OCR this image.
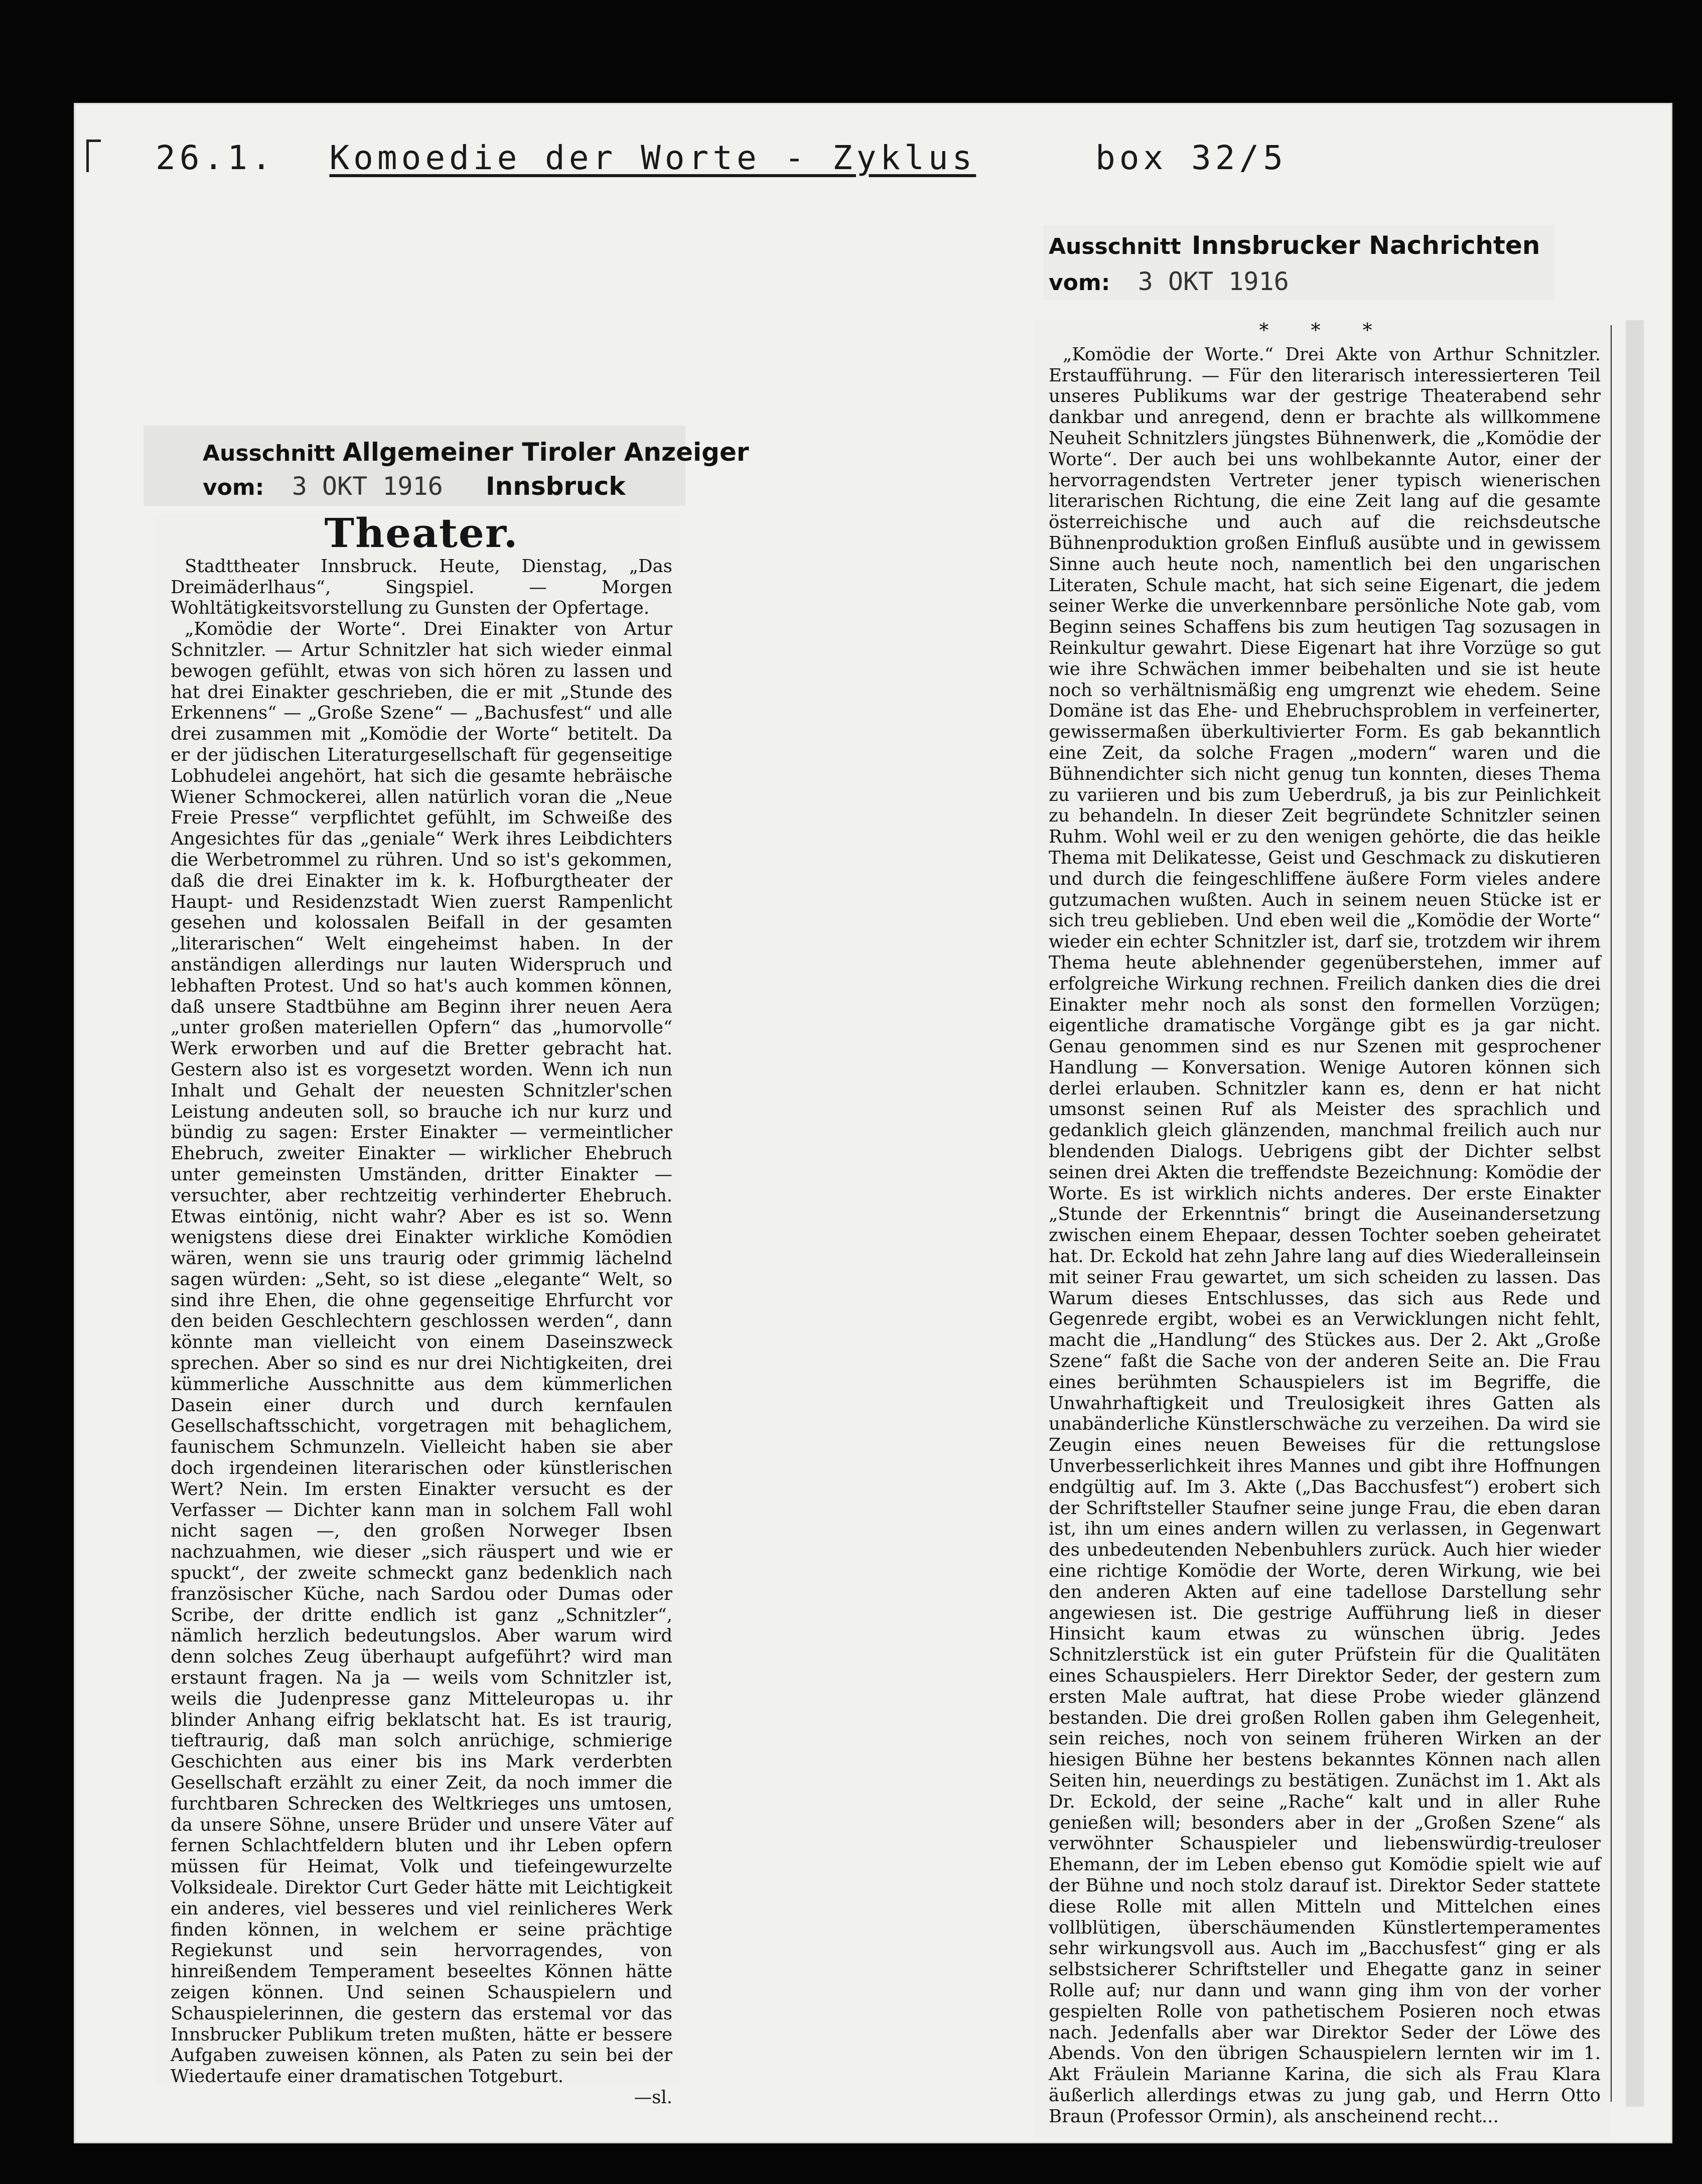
26.1. Komoedie der Worte - Zyklus	box 32/5
Ausschnitt Allgemeiner Tiroler Anzeiger
vom: 3 OKT 1916 Innsbruck
Theater.

Stadttheater Innsbruck. Heute, Dienstag, „Das Dreimäderlhaus“, Singspiel. — Morgen Wohltätigkeitsvorstellung zu Gunsten der Opfertage.

„Komödie der Worte“. Drei Einakter von Artur Schnitzler. — Artur Schnitzler hat sich wieder einmal bewogen gefühlt, etwas von sich hören zu lassen und hat drei Einakter geschrieben, die er mit „Stunde des Erkennens“ — „Große Szene“ — „Bachusfest“ und alle drei zusammen mit „Komödie der Worte“ betitelt. Da er der jüdischen Literaturgesellschaft für gegenseitige Lobhudelei angehört, hat sich die gesamte hebräische Wiener Schmockerei, allen natürlich voran die „Neue Freie Presse“ verpflichtet gefühlt, im Schweiße des Angesichtes für das „geniale“ Werk ihres Leibdichters die Werbetrommel zu rühren. Und so ist's gekommen, daß die drei Einakter im k. k. Hofburgtheater der Haupt- und Residenzstadt Wien zuerst Rampenlicht gesehen und kolossalen Beifall in der gesamten „literarischen“ Welt eingeheimst haben. In der anständigen allerdings nur lauten Widerspruch und lebhaften Protest. Und so hat's auch kommen können, daß unsere Stadtbühne am Beginn ihrer neuen Aera „unter großen materiellen Opfern“ das „humorvolle“ Werk erworben und auf die Bretter gebracht hat. Gestern also ist es vorgesetzt worden. Wenn ich nun Inhalt und Gehalt der neuesten Schnitzler'schen Leistung andeuten soll, so brauche ich nur kurz und bündig zu sagen: Erster Einakter — vermeintlicher Ehebruch, zweiter Einakter — wirklicher Ehebruch unter gemeinsten Umständen, dritter Einakter — versuchter, aber rechtzeitig verhinderter Ehebruch. Etwas eintönig, nicht wahr? Aber es ist so. Wenn wenigstens diese drei Einakter wirkliche Komödien wären, wenn sie uns traurig oder grimmig lächelnd sagen würden: „Seht, so ist diese „elegante“ Welt, so sind ihre Ehen, die ohne gegenseitige Ehrfurcht vor den beiden Geschlechtern geschlossen werden“, dann könnte man vielleicht von einem Daseinszweck sprechen. Aber so sind es nur drei Nichtigkeiten, drei kümmerliche Ausschnitte aus dem kümmerlichen Dasein einer durch und durch kernfaulen Gesellschaftsschicht, vorgetragen mit behaglichem, faunischem Schmunzeln. Vielleicht haben sie aber doch irgendeinen literarischen oder künstlerischen Wert? Nein. Im ersten Einakter versucht es der Verfasser — Dichter kann man in solchem Fall wohl nicht sagen —, den großen Norweger Ibsen nachzuahmen, wie dieser „sich räuspert und wie er spuckt“, der zweite schmeckt ganz bedenklich nach französischer Küche, nach Sardou oder Dumas oder Scribe, der dritte endlich ist ganz „Schnitzler“, nämlich herzlich bedeutungslos. Aber warum wird denn solches Zeug überhaupt aufgeführt? wird man erstaunt fragen. Na ja — weils vom Schnitzler ist, weils die Judenpresse ganz Mitteleuropas u. ihr blinder Anhang eifrig beklatscht hat. Es ist traurig, tieftraurig, daß man solch anrüchige, schmierige Geschichten aus einer bis ins Mark verderbten Gesellschaft erzählt zu einer Zeit, da noch immer die furchtbaren Schrecken des Weltkrieges uns umtosen, da unsere Söhne, unsere Brüder und unsere Väter auf fernen Schlachtfeldern bluten und ihr Leben opfern müssen für Heimat, Volk und tiefeingewurzelte Volksideale. Direktor Curt Geder hätte mit Leichtigkeit ein anderes, viel besseres und viel reinlicheres Werk finden können, in welchem er seine prächtige Regiekunst und sein hervorragendes, von hinreißendem Temperament beseeltes Können hätte zeigen können. Und seinen Schauspielern und Schauspielerinnen, die gestern das erstemal vor das Innsbrucker Publikum treten mußten, hätte er bessere Aufgaben zuweisen können, als Paten zu sein bei der Wiedertaufe einer dramatischen Totgeburt.

—sl.
Ausschnitt Innsbrucker Nachrichten
vom: 3 OKT 1916
* * *

„Komödie der Worte.“ Drei Akte von Arthur Schnitzler. Erstaufführung. — Für den literarisch interessierteren Teil unseres Publikums war der gestrige Theaterabend sehr dankbar und anregend, denn er brachte als willkommene Neuheit Schnitzlers jüngstes Bühnenwerk, die „Komödie der Worte“. Der auch bei uns wohlbekannte Autor, einer der hervorragendsten Vertreter jener typisch wienerischen literarischen Richtung, die eine Zeit lang auf die gesamte österreichische und auch auf die reichsdeutsche Bühnenproduktion großen Einfluß ausübte und in gewissem Sinne auch heute noch, namentlich bei den ungarischen Literaten, Schule macht, hat sich seine Eigenart, die jedem seiner Werke die unverkennbare persönliche Note gab, vom Beginn seines Schaffens bis zum heutigen Tag sozusagen in Reinkultur gewahrt. Diese Eigenart hat ihre Vorzüge so gut wie ihre Schwächen immer beibehalten und sie ist heute noch so verhältnismäßig eng umgrenzt wie ehedem. Seine Domäne ist das Ehe- und Ehebruchsproblem in verfeinerter, gewissermaßen überkultivierter Form. Es gab bekanntlich eine Zeit, da solche Fragen „modern“ waren und die Bühnendichter sich nicht genug tun konnten, dieses Thema zu variieren und bis zum Ueberdruß, ja bis zur Peinlichkeit zu behandeln. In dieser Zeit begründete Schnitzler seinen Ruhm. Wohl weil er zu den wenigen gehörte, die das heikle Thema mit Delikatesse, Geist und Geschmack zu diskutieren und durch die feingeschliffene äußere Form vieles andere gutzumachen wußten. Auch in seinem neuen Stücke ist er sich treu geblieben. Und eben weil die „Komödie der Worte“ wieder ein echter Schnitzler ist, darf sie, trotzdem wir ihrem Thema heute ablehnender gegenüberstehen, immer auf erfolgreiche Wirkung rechnen. Freilich danken dies die drei Einakter mehr noch als sonst den formellen Vorzügen; eigentliche dramatische Vorgänge gibt es ja gar nicht. Genau genommen sind es nur Szenen mit gesprochener Handlung — Konversation. Wenige Autoren können sich derlei erlauben. Schnitzler kann es, denn er hat nicht umsonst seinen Ruf als Meister des sprachlich und gedanklich gleich glänzenden, manchmal freilich auch nur blendenden Dialogs. Uebrigens gibt der Dichter selbst seinen drei Akten die treffendste Bezeichnung: Komödie der Worte. Es ist wirklich nichts anderes. Der erste Einakter „Stunde der Erkenntnis“ bringt die Auseinandersetzung zwischen einem Ehepaar, dessen Tochter soeben geheiratet hat. Dr. Eckold hat zehn Jahre lang auf dies Wiederalleinsein mit seiner Frau gewartet, um sich scheiden zu lassen. Das Warum dieses Entschlusses, das sich aus Rede und Gegenrede ergibt, wobei es an Verwicklungen nicht fehlt, macht die „Handlung“ des Stückes aus. Der 2. Akt „Große Szene“ faßt die Sache von der anderen Seite an. Die Frau eines berühmten Schauspielers ist im Begriffe, die Unwahrhaftigkeit und Treulosigkeit ihres Gatten als unabänderliche Künstlerschwäche zu verzeihen. Da wird sie Zeugin eines neuen Beweises für die rettungslose Unverbesserlichkeit ihres Mannes und gibt ihre Hoffnungen endgültig auf. Im 3. Akte („Das Bacchusfest“) erobert sich der Schriftsteller Staufner seine junge Frau, die eben daran ist, ihn um eines andern willen zu verlassen, in Gegenwart des unbedeutenden Nebenbuhlers zurück. Auch hier wieder eine richtige Komödie der Worte, deren Wirkung, wie bei den anderen Akten auf eine tadellose Darstellung sehr angewiesen ist. Die gestrige Aufführung ließ in dieser Hinsicht kaum etwas zu wünschen übrig. Jedes Schnitzlerstück ist ein guter Prüfstein für die Qualitäten eines Schauspielers. Herr Direktor Seder, der gestern zum ersten Male auftrat, hat diese Probe wieder glänzend bestanden. Die drei großen Rollen gaben ihm Gelegenheit, sein reiches, noch von seinem früheren Wirken an der hiesigen Bühne her bestens bekanntes Können nach allen Seiten hin, neuerdings zu bestätigen. Zunächst im 1. Akt als Dr. Eckold, der seine „Rache“ kalt und in aller Ruhe genießen will; besonders aber in der „Großen Szene“ als verwöhnter Schauspieler und liebenswürdig-treuloser Ehemann, der im Leben ebenso gut Komödie spielt wie auf der Bühne und noch stolz darauf ist. Direktor Seder stattete diese Rolle mit allen Mitteln und Mittelchen eines vollblütigen, überschäumenden Künstlertemperamentes sehr wirkungsvoll aus. Auch im „Bacchusfest“ ging er als selbstsicherer Schriftsteller und Ehegatte ganz in seiner Rolle auf; nur dann und wann ging ihm von der vorher gespielten Rolle von pathetischem Posieren noch etwas nach. Jedenfalls aber war Direktor Seder der Löwe des Abends. Von den übrigen Schauspielern lernten wir im 1. Akt Fräulein Marianne Karina, die sich als Frau Klara äußerlich allerdings etwas zu jung gab, und Herrn Otto Braun (Professor Ormin), als anscheinend recht...
